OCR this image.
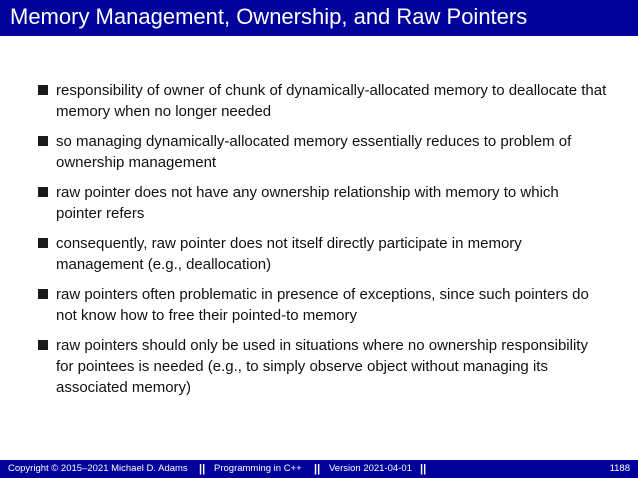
Memory Management, Ownership, and Raw Pointers
responsibility of owner of chunk of dynamically-allocated memory to deallocate that memory when no longer needed
so managing dynamically-allocated memory essentially reduces to problem of ownership management
raw pointer does not have any ownership relationship with memory to which pointer refers
consequently, raw pointer does not itself directly participate in memory management (e.g., deallocation)
raw pointers often problematic in presence of exceptions, since such pointers do not know how to free their pointed-to memory
raw pointers should only be used in situations where no ownership responsibility for pointees is needed (e.g., to simply observe object without managing its associated memory)
Copyright © 2015–2021 Michael D. Adams || Programming in C++ || Version 2021-04-01 ||	1188
